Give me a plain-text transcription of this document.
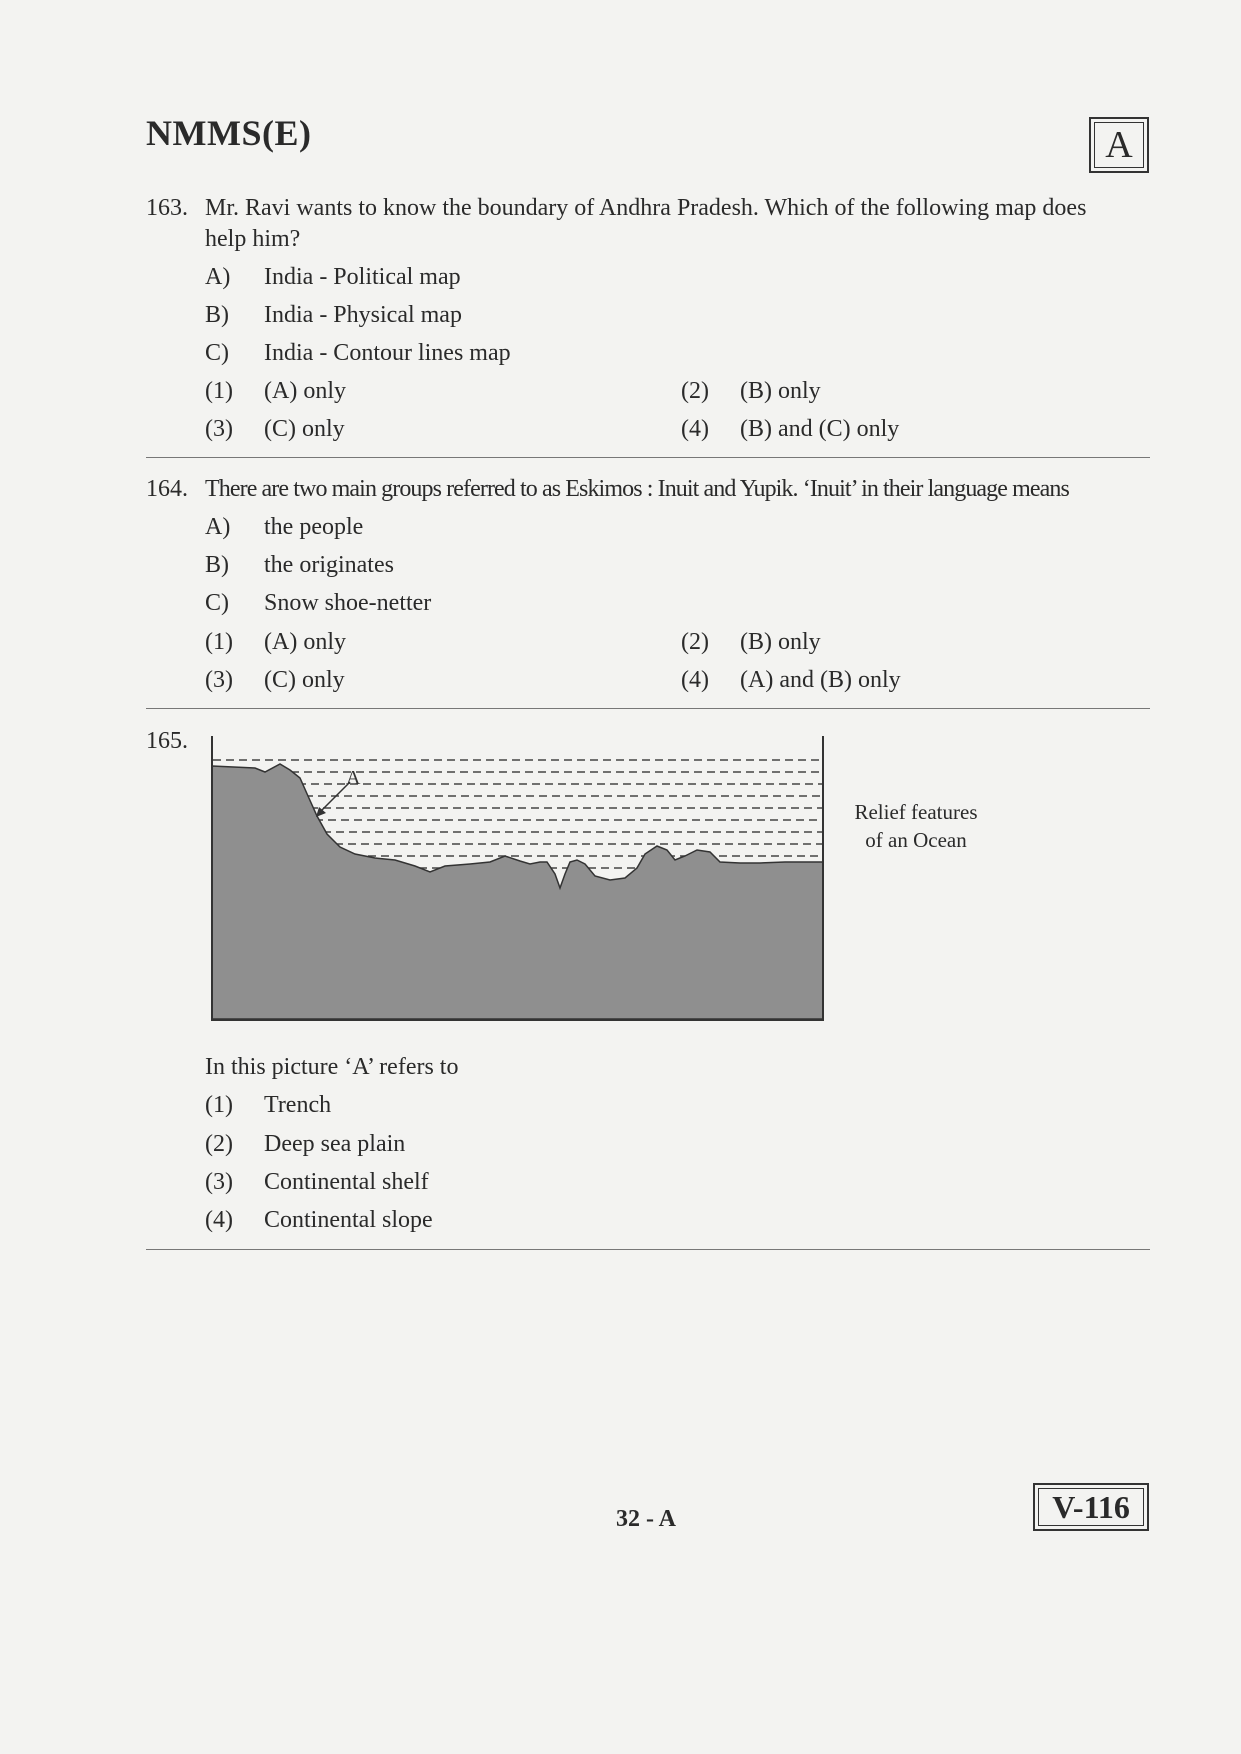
NMMS(E)	A
163. Mr. Ravi wants to know the boundary of Andhra Pradesh. Which of the following map does
help him?
A) India - Political map
B) India - Physical map
C) India - Contour lines map
(1) (A) only	(2) (B) only
(3) (C) only	(4) (B) and (C) only
164. There are two main groups referred to as Eskimos : Inuit and Yupik. ‘Inuit’ in their language means
A) the people
B) the originates
C) Snow shoe-netter
(1) (A) only	(2) (B) only
(3) (C) only	(4) (A) and (B) only
165.
A
Relief features
of an Ocean
In this picture ‘A’ refers to
(1) Trench
(2) Deep sea plain
(3) Continental shelf
(4) Continental slope
32 - A	V-116
